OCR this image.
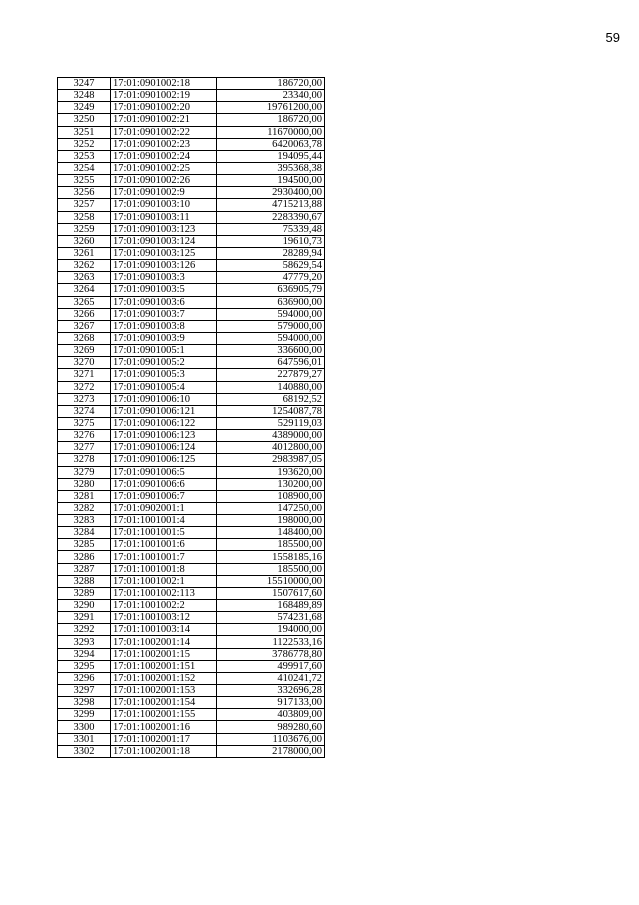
59
3247	17:01:0901002:18	186720,00
3248	17:01:0901002:19	23340,00
3249	17:01:0901002:20	19761200,00
3250	17:01:0901002:21	186720,00
3251	17:01:0901002:22	11670000,00
3252	17:01:0901002:23	6420063,78
3253	17:01:0901002:24	194095,44
3254	17:01:0901002:25	395368,38
3255	17:01:0901002:26	194500,00
3256	17:01:0901002:9	2930400,00
3257	17:01:0901003:10	4715213,88
3258	17:01:0901003:11	2283390,67
3259	17:01:0901003:123	75339,48
3260	17:01:0901003:124	19610,73
3261	17:01:0901003:125	28289,94
3262	17:01:0901003:126	58629,54
3263	17:01:0901003:3	47779,20
3264	17:01:0901003:5	636905,79
3265	17:01:0901003:6	636900,00
3266	17:01:0901003:7	594000,00
3267	17:01:0901003:8	579000,00
3268	17:01:0901003:9	594000,00
3269	17:01:0901005:1	336600,00
3270	17:01:0901005:2	647596,01
3271	17:01:0901005:3	227879,27
3272	17:01:0901005:4	140880,00
3273	17:01:0901006:10	68192,52
3274	17:01:0901006:121	1254087,78
3275	17:01:0901006:122	529119,03
3276	17:01:0901006:123	4389000,00
3277	17:01:0901006:124	4012800,00
3278	17:01:0901006:125	2983987,05
3279	17:01:0901006:5	193620,00
3280	17:01:0901006:6	130200,00
3281	17:01:0901006:7	108900,00
3282	17:01:0902001:1	147250,00
3283	17:01:1001001:4	198000,00
3284	17:01:1001001:5	148400,00
3285	17:01:1001001:6	185500,00
3286	17:01:1001001:7	1558185,16
3287	17:01:1001001:8	185500,00
3288	17:01:1001002:1	15510000,00
3289	17:01:1001002:113	1507617,60
3290	17:01:1001002:2	168489,89
3291	17:01:1001003:12	574231,68
3292	17:01:1001003:14	194000,00
3293	17:01:1002001:14	1122533,16
3294	17:01:1002001:15	3786778,80
3295	17:01:1002001:151	499917,60
3296	17:01:1002001:152	410241,72
3297	17:01:1002001:153	332696,28
3298	17:01:1002001:154	917133,00
3299	17:01:1002001:155	403809,00
3300	17:01:1002001:16	989280,60
3301	17:01:1002001:17	1103676,00
3302	17:01:1002001:18	2178000,00
